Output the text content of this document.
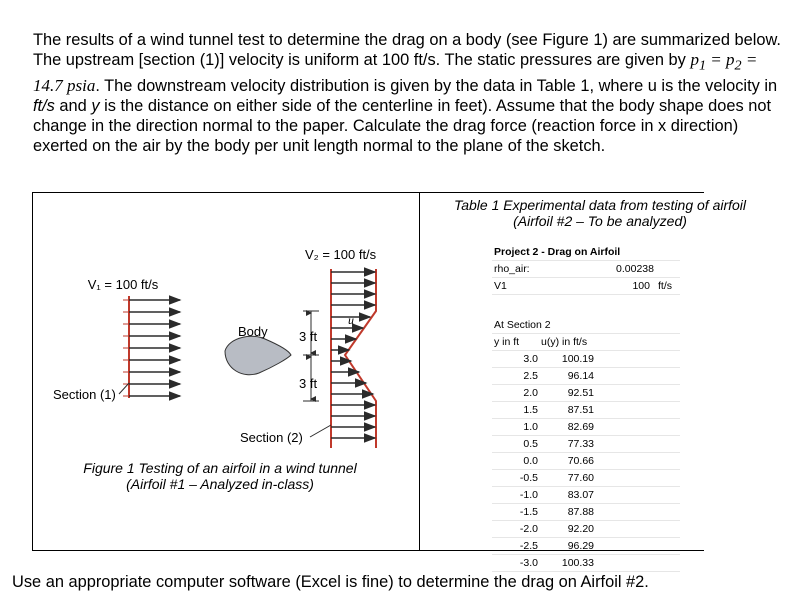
The results of a wind tunnel test to determine the drag on a body (see Figure 1) are summarized below. The upstream [section (1)] velocity is uniform at 100 ft/s. The static pressures are given by $p_1 = p_2 = 14.7$ psia. The downstream velocity distribution is given by the data in Table 1, where u is the velocity in ft/s and y is the distance on either side of the centerline in feet). Assume that the body shape does not change in the direction normal to the paper. Calculate the drag force (reaction force in x direction) exerted on the air by the body per unit length normal to the plane of the sketch.
V₁ = 100 ft/s
Body 3 ft
3 ft
u
V₂ = 100 ft/s
Section (1)
Section (2)
Figure 1 Testing of an airfoil in a wind tunnel
(Airfoil #1 – Analyzed in-class)
Table 1 Experimental data from testing of airfoil
(Airfoil #2 – To be analyzed)
Project 2 - Drag on Airfoil
rho_air:	0.00238
V1	100 ft/s
At Section 2
y in ft u(y) in ft/s
3.0	100.19
2.5	96.14
2.0	92.51
1.5	87.51
1.0	82.69
0.5	77.33
0.0	70.66
-0.5	77.60
-1.0	83.07
-1.5	87.88
-2.0	92.20
-2.5	96.29
-3.0	100.33
Use an appropriate computer software (Excel is fine) to determine the drag on Airfoil #2.
